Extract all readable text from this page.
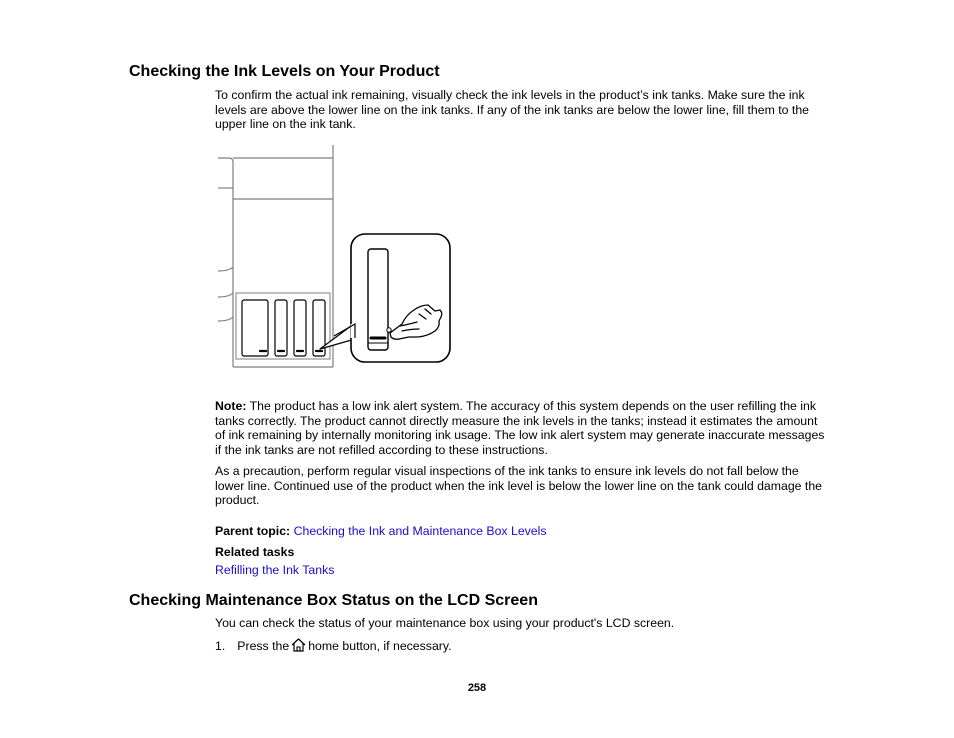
Checking the Ink Levels on Your Product

To confirm the actual ink remaining, visually check the ink levels in the product’s ink tanks. Make sure the ink levels are above the lower line on the ink tanks. If any of the ink tanks are below the lower line, fill them to the upper line on the ink tank.

Note: The product has a low ink alert system. The accuracy of this system depends on the user refilling the ink tanks correctly. The product cannot directly measure the ink levels in the tanks; instead it estimates the amount of ink remaining by internally monitoring ink usage. The low ink alert system may generate inaccurate messages if the ink tanks are not refilled according to these instructions.

As a precaution, perform regular visual inspections of the ink tanks to ensure ink levels do not fall below the lower line. Continued use of the product when the ink level is below the lower line on the tank could damage the product.

Parent topic: Checking the Ink and Maintenance Box Levels

Related tasks

Refilling the Ink Tanks

Checking Maintenance Box Status on the LCD Screen

You can check the status of your maintenance box using your product's LCD screen.

1. Press the home button, if necessary.

258
